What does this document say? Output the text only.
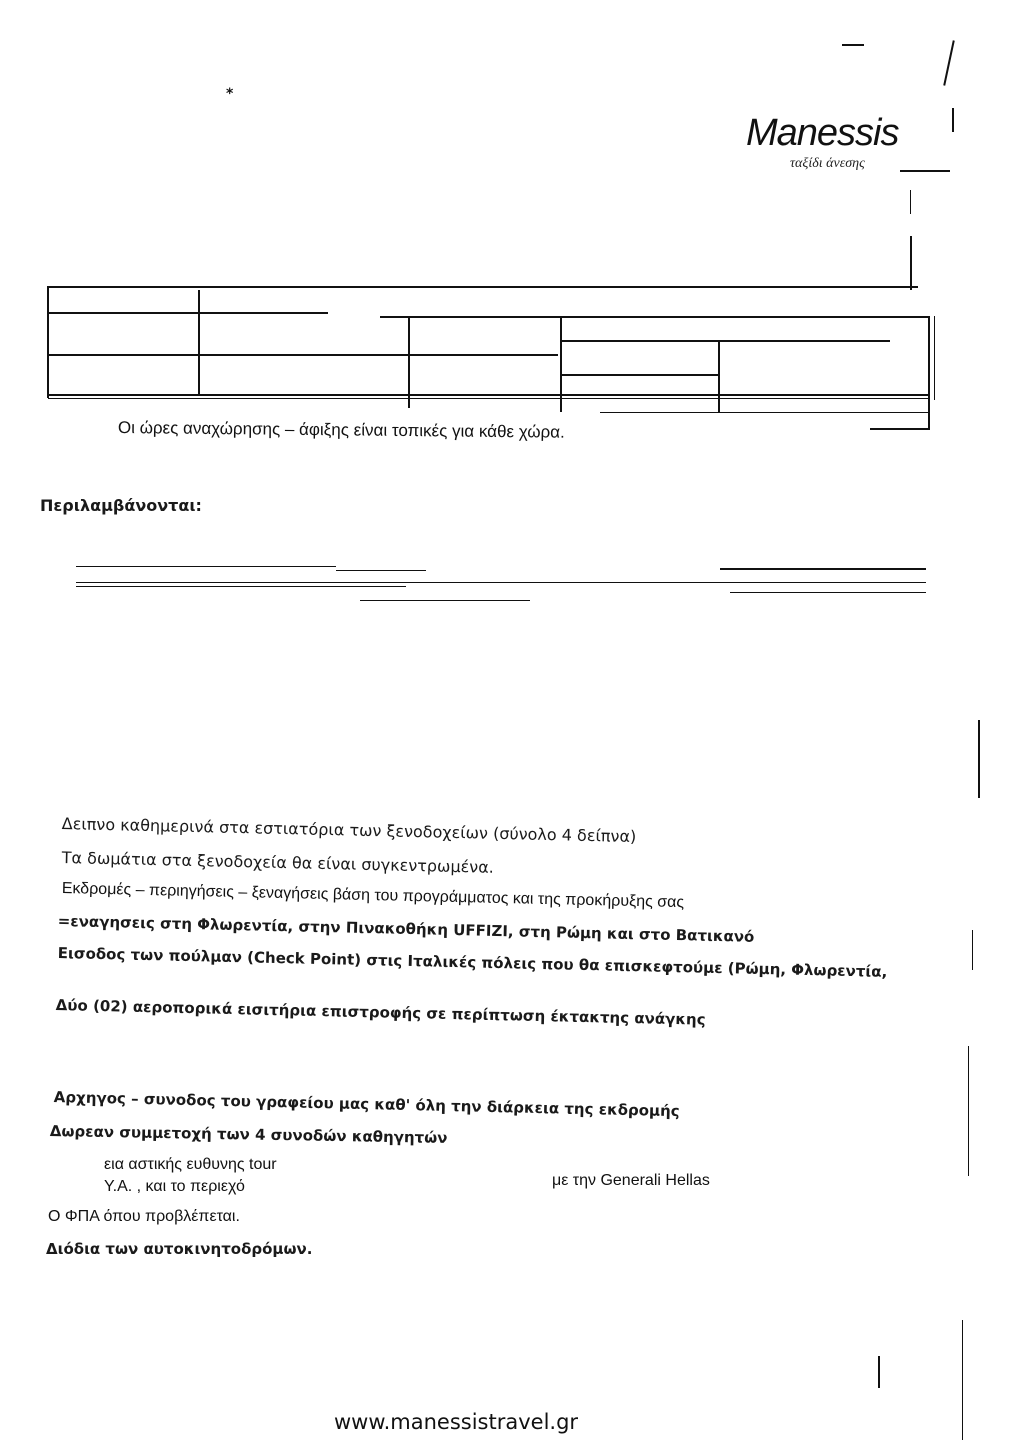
*
Manessis
ταξίδι άνεσης
Οι ώρες αναχώρησης – άφιξης είναι τοπικές για κάθε χώρα.
Περιλαμβάνονται:
Δειπνο καθημερινά στα εστιατόρια των ξενοδοχείων (σύνολο 4 δείπνα)
Τα δωμάτια στα ξενοδοχεία θα είναι συγκεντρωμένα.
Εκδρομές – περιηγήσεις – ξεναγήσεις βάση του προγράμματος και της προκήρυξης σας
=εναγησεις στη Φλωρεντία, στην Πινακοθήκη UFFIZI, στη Ρώμη και στο Βατικανό
Εισοδος των πούλμαν (Check Point) στις Ιταλικές πόλεις που θα επισκεφτούμε (Ρώμη, Φλωρεντία,
Δύο (02) αεροπορικά εισιτήρια επιστροφής σε περίπτωση έκτακτης ανάγκης
Αρχηγος – συνοδος του γραφείου μας καθ' όλη την διάρκεια της εκδρομής
Δωρεαν συμμετοχή των 4 συνοδών καθηγητών
εια αστικής ευθυνης tour
με την Generali Hellas
Υ.Α. , και το περιεχό
Ο ΦΠΑ όπου προβλέπεται.
Διόδια των αυτοκινητοδρόμων.
www.manessistravel.gr
